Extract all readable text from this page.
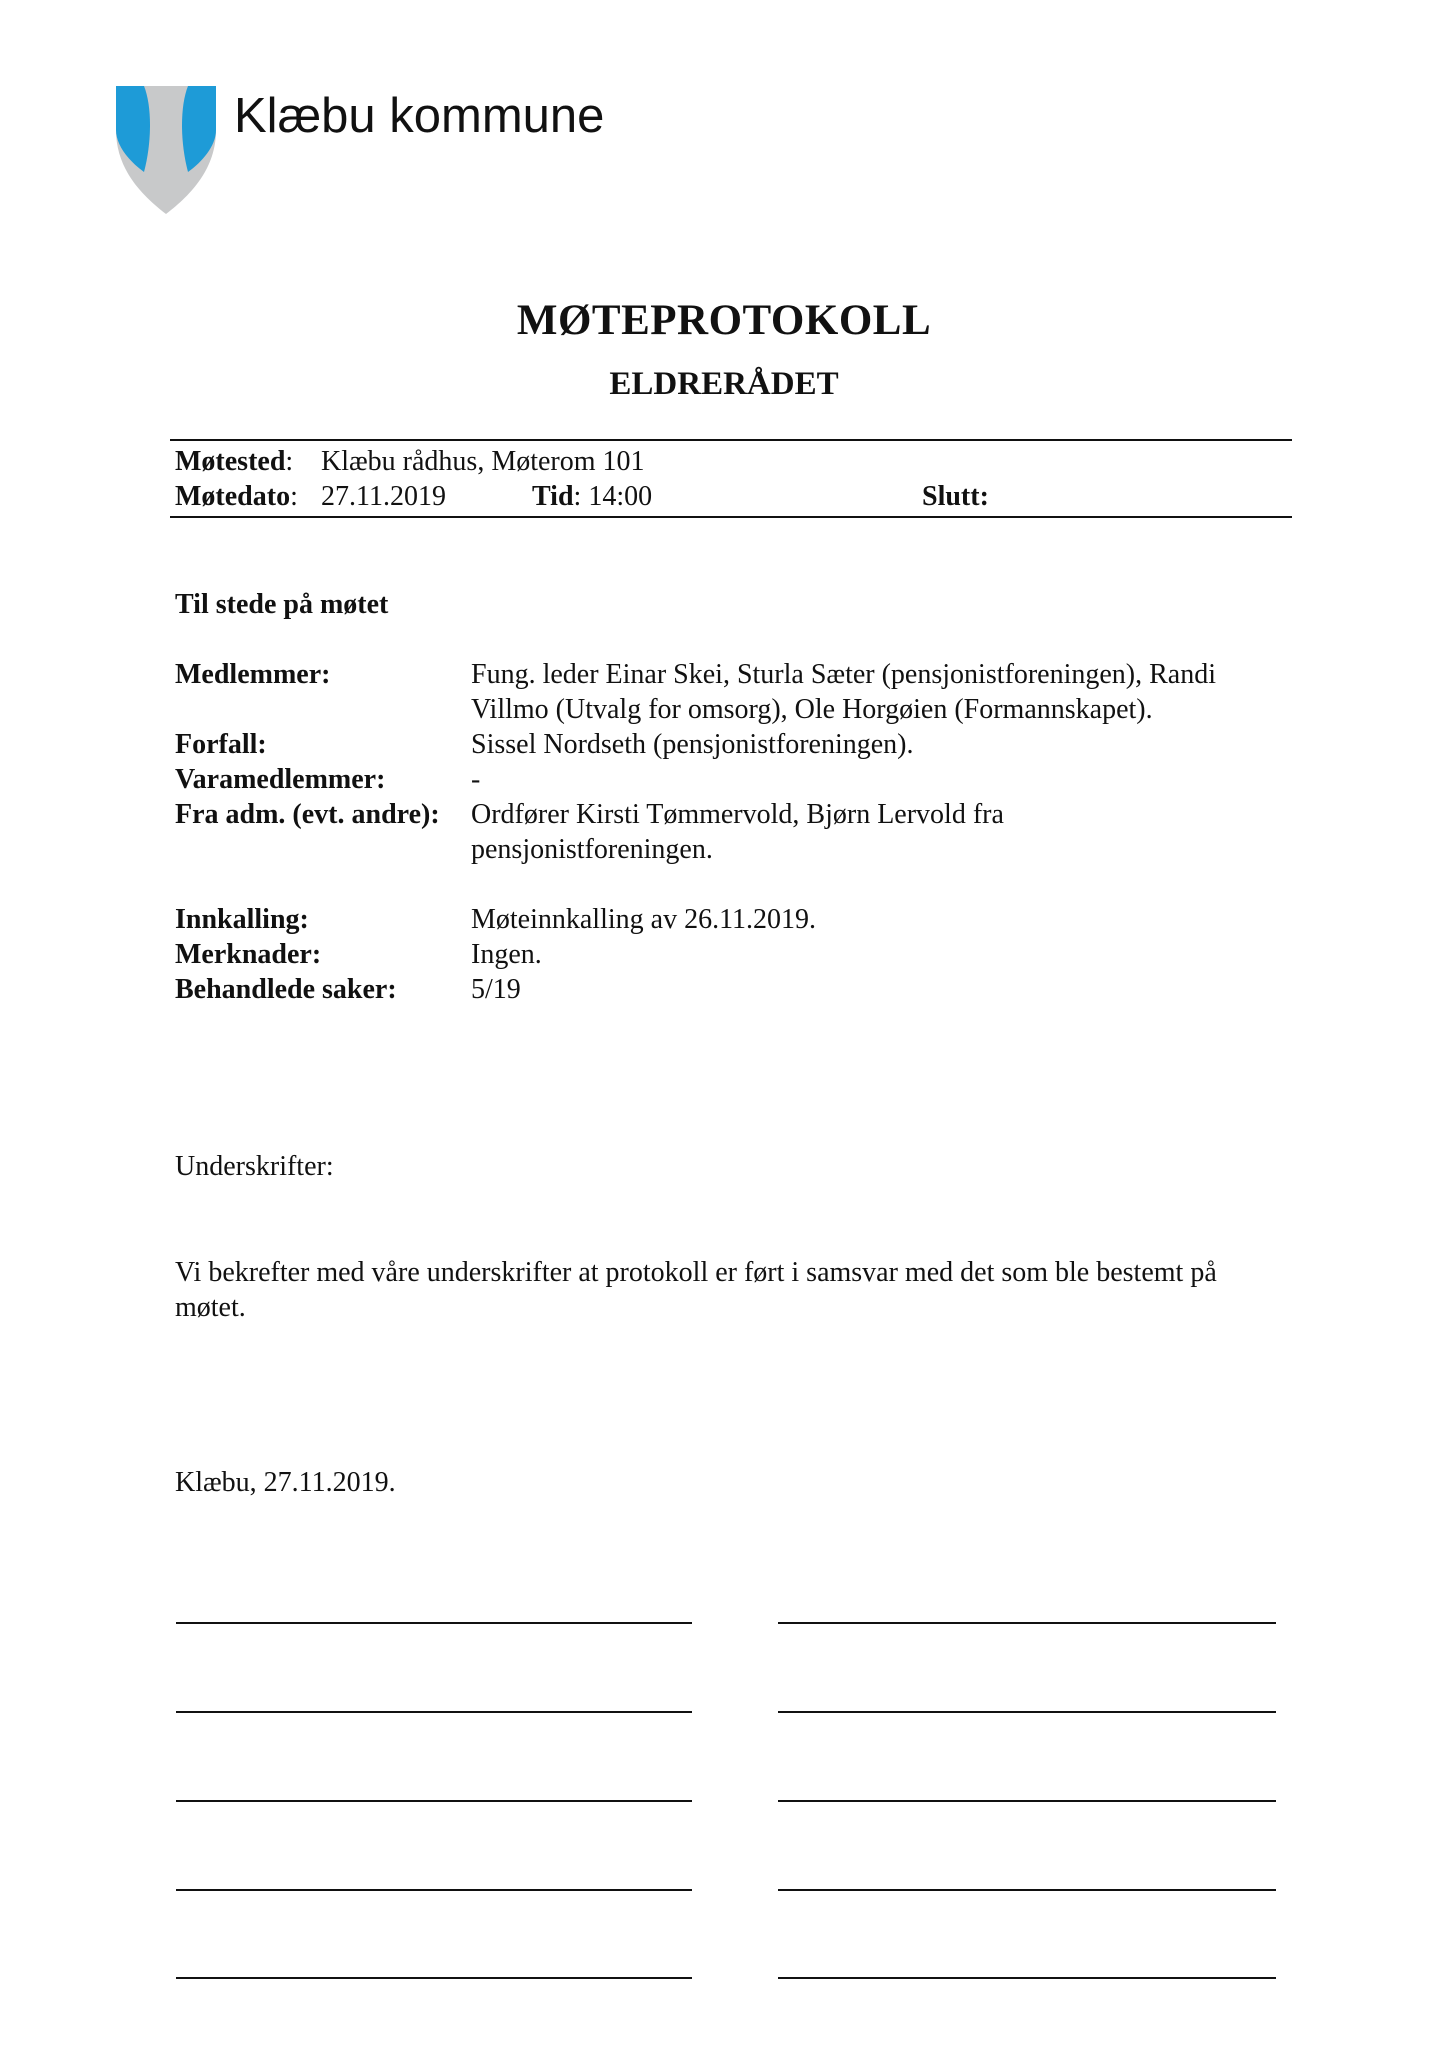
Klæbu kommune
MØTEPROTOKOLL
ELDRERÅDET
Møtested: Klæbu rådhus, Møterom 101
Møtedato: 27.11.2019	Tid: 14:00	Slutt:
Til stede på møtet
Medlemmer:	Fung. leder Einar Skei, Sturla Sæter (pensjonistforeningen), Randi
Villmo (Utvalg for omsorg), Ole Horgøien (Formannskapet).
Forfall:	Sissel Nordseth (pensjonistforeningen).
Varamedlemmer:	-
Fra adm. (evt. andre): Ordfører Kirsti Tømmervold, Bjørn Lervold fra
pensjonistforeningen.
Innkalling:	Møteinnkalling av 26.11.2019.
Merknader:	Ingen.
Behandlede saker:	5/19
Underskrifter:
Vi bekrefter med våre underskrifter at protokoll er ført i samsvar med det som ble bestemt på
møtet.
Klæbu, 27.11.2019.
